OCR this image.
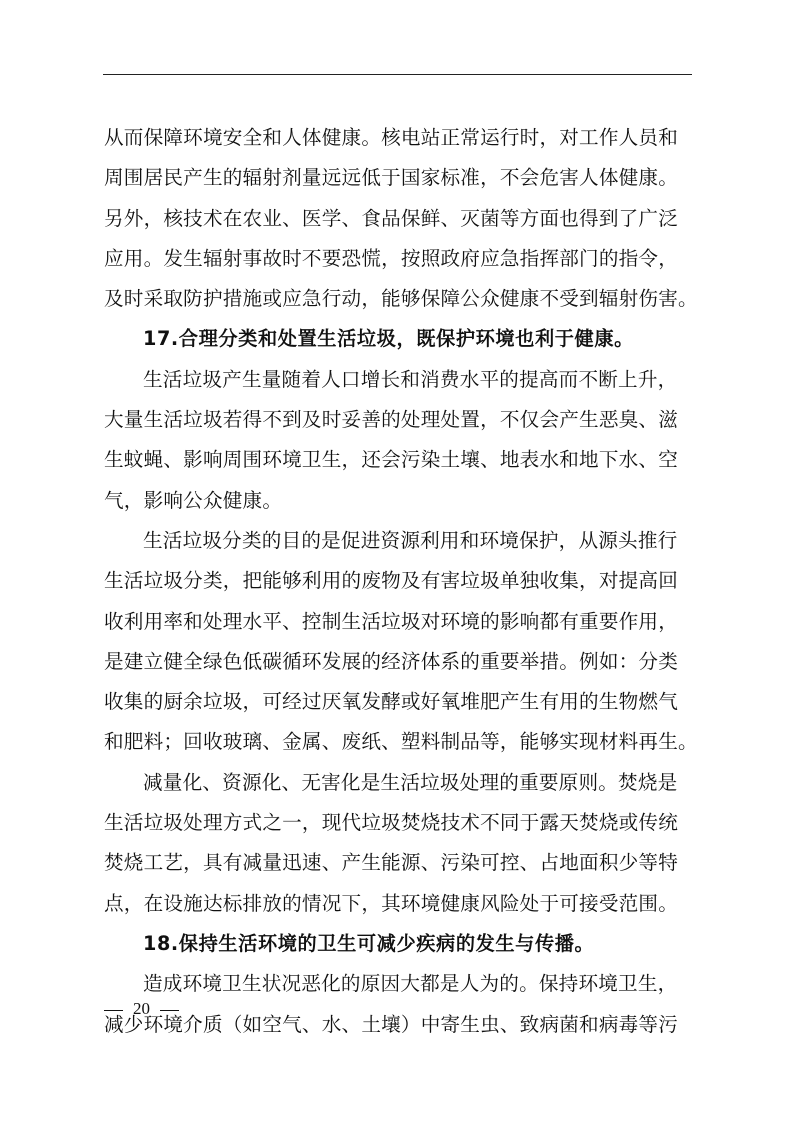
从而保障环境安全和人体健康。核电站正常运行时，对工作人员和
周围居民产生的辐射剂量远远低于国家标准，不会危害人体健康。
另外，核技术在农业、医学、食品保鲜、灭菌等方面也得到了广泛
应用。发生辐射事故时不要恐慌，按照政府应急指挥部门的指令，
及时采取防护措施或应急行动，能够保障公众健康不受到辐射伤害。
17.合理分类和处置生活垃圾，既保护环境也利于健康。
生活垃圾产生量随着人口增长和消费水平的提高而不断上升，
大量生活垃圾若得不到及时妥善的处理处置，不仅会产生恶臭、滋
生蚊蝇、影响周围环境卫生，还会污染土壤、地表水和地下水、空
气，影响公众健康。
生活垃圾分类的目的是促进资源利用和环境保护，从源头推行
生活垃圾分类，把能够利用的废物及有害垃圾单独收集，对提高回
收利用率和处理水平、控制生活垃圾对环境的影响都有重要作用，
是建立健全绿色低碳循环发展的经济体系的重要举措。例如：分类
收集的厨余垃圾，可经过厌氧发酵或好氧堆肥产生有用的生物燃气
和肥料；回收玻璃、金属、废纸、塑料制品等，能够实现材料再生。
减量化、资源化、无害化是生活垃圾处理的重要原则。焚烧是
生活垃圾处理方式之一，现代垃圾焚烧技术不同于露天焚烧或传统
焚烧工艺，具有减量迅速、产生能源、污染可控、占地面积少等特
点，在设施达标排放的情况下，其环境健康风险处于可接受范围。
18.保持生活环境的卫生可减少疾病的发生与传播。
造成环境卫生状况恶化的原因大都是人为的。保持环境卫生，
减少环境介质（如空气、水、土壤）中寄生虫、致病菌和病毒等污
20
